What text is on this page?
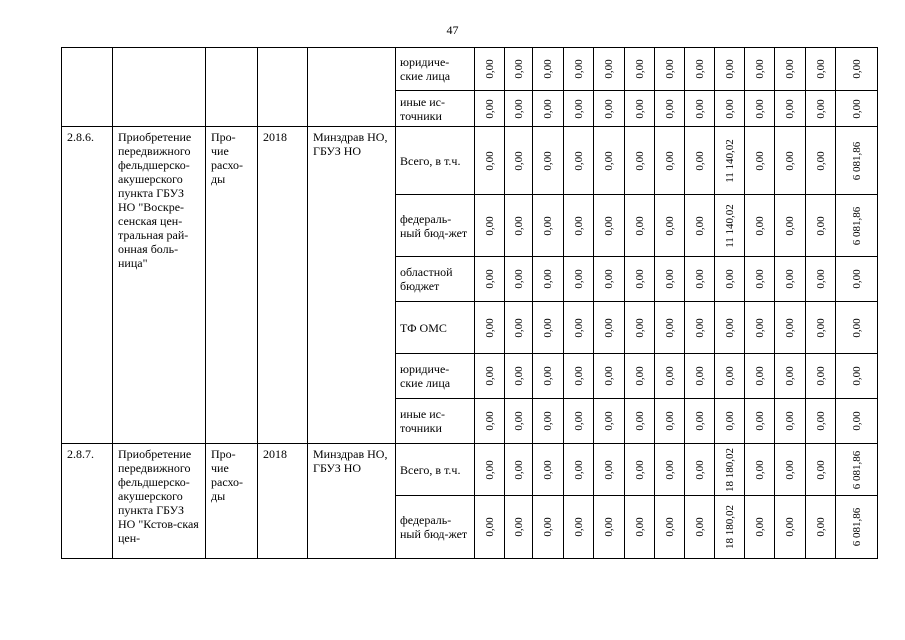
47
					юридиче-ские лица	0,00	0,00	0,00	0,00	0,00	0,00	0,00	0,00	0,00	0,00	0,00	0,00	0,00

					иные ис-точники	0,00	0,00	0,00	0,00	0,00	0,00	0,00	0,00	0,00	0,00	0,00	0,00	0,00

2.8.6.	Приобретение передвижного фельдшерско-акушерского пункта ГБУЗ НО "Воскре-сенская цен-тральная рай-онная боль-ница"	Про-чие расхо-ды	2018	Минздрав НО, ГБУЗ НО	Всего, в т.ч.	0,00	0,00	0,00	0,00	0,00	0,00	0,00	0,00	11 140,02	0,00	0,00	0,00	6 081,86

					федераль-ный бюд-жет	0,00	0,00	0,00	0,00	0,00	0,00	0,00	0,00	11 140,02	0,00	0,00	0,00	6 081,86

					областной бюджет	0,00	0,00	0,00	0,00	0,00	0,00	0,00	0,00	0,00	0,00	0,00	0,00	0,00

					ТФ ОМС	0,00	0,00	0,00	0,00	0,00	0,00	0,00	0,00	0,00	0,00	0,00	0,00	0,00

					юридиче-ские лица	0,00	0,00	0,00	0,00	0,00	0,00	0,00	0,00	0,00	0,00	0,00	0,00	0,00

					иные ис-точники	0,00	0,00	0,00	0,00	0,00	0,00	0,00	0,00	0,00	0,00	0,00	0,00	0,00

2.8.7.	Приобретение передвижного фельдшерско-акушерского пункта ГБУЗ НО "Кстов-ская цен-	Про-чие расхо-ды	2018	Минздрав НО, ГБУЗ НО	Всего, в т.ч.	0,00	0,00	0,00	0,00	0,00	0,00	0,00	0,00	18 180,02	0,00	0,00	0,00	6 081,86

					федераль-ный бюд-жет	0,00	0,00	0,00	0,00	0,00	0,00	0,00	0,00	18 180,02	0,00	0,00	0,00	6 081,86
